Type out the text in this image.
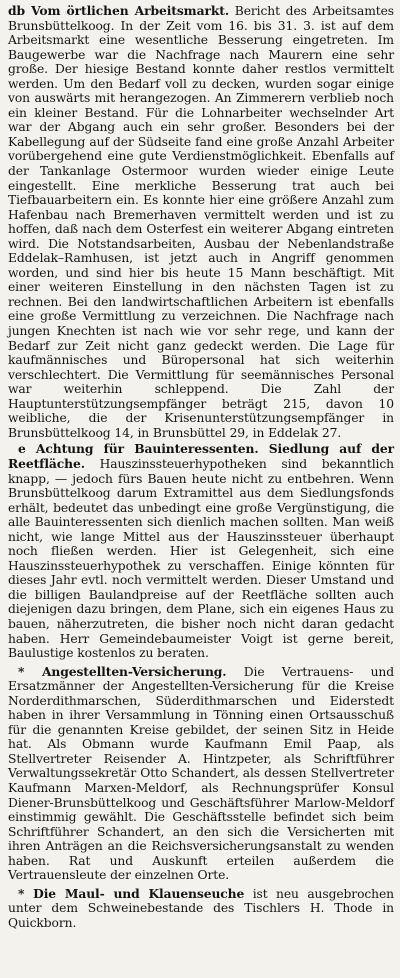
db Vom örtlichen Arbeitsmarkt. Bericht des Arbeitsamtes Brunsbüttelkoog. In der Zeit vom 16. bis 31. 3. ist auf dem Arbeitsmarkt eine wesentliche Besserung eingetreten. Im Baugewerbe war die Nachfrage nach Maurern eine sehr große. Der hiesige Bestand konnte daher restlos vermittelt werden. Um den Bedarf voll zu decken, wurden sogar einige von auswärts mit herangezogen. An Zimmerern verblieb noch ein kleiner Bestand. Für die Lohnarbeiter wechselnder Art war der Abgang auch ein sehr großer. Besonders bei der Kabellegung auf der Südseite fand eine große Anzahl Arbeiter vorübergehend eine gute Verdienstmöglichkeit. Ebenfalls auf der Tankanlage Ostermoor wurden wieder einige Leute eingestellt. Eine merkliche Besserung trat auch bei Tiefbauarbeitern ein. Es konnte hier eine größere Anzahl zum Hafenbau nach Bremerhaven vermittelt werden und ist zu hoffen, daß nach dem Osterfest ein weiterer Abgang eintreten wird. Die Notstandsarbeiten, Ausbau der Nebenlandstraße Eddelak–Ramhusen, ist jetzt auch in Angriff genommen worden, und sind hier bis heute 15 Mann beschäftigt. Mit einer weiteren Einstellung in den nächsten Tagen ist zu rechnen. Bei den landwirtschaftlichen Arbeitern ist ebenfalls eine große Vermittlung zu verzeichnen. Die Nachfrage nach jungen Knechten ist nach wie vor sehr rege, und kann der Bedarf zur Zeit nicht ganz gedeckt werden. Die Lage für kaufmännisches und Büropersonal hat sich weiterhin verschlechtert. Die Vermittlung für seemännisches Personal war weiterhin schleppend. Die Zahl der Hauptunterstützungsempfänger beträgt 215, davon 10 weibliche, die der Krisenunterstützungsempfänger in Brunsbüttelkoog 14, in Brunsbüttel 29, in Eddelak 27.

e Achtung für Bauinteressenten. Siedlung auf der Reetfläche. Hauszinssteuerhypotheken sind bekanntlich knapp, — jedoch fürs Bauen heute nicht zu entbehren. Wenn Brunsbüttelkoog darum Extramittel aus dem Siedlungsfonds erhält, bedeutet das unbedingt eine große Vergünstigung, die alle Bauinteressenten sich dienlich machen sollten. Man weiß nicht, wie lange Mittel aus der Hauszinssteuer überhaupt noch fließen werden. Hier ist Gelegenheit, sich eine Hauszinssteuerhypothek zu verschaffen. Einige könnten für dieses Jahr evtl. noch vermittelt werden. Dieser Umstand und die billigen Baulandpreise auf der Reetfläche sollten auch diejenigen dazu bringen, dem Plane, sich ein eigenes Haus zu bauen, näherzutreten, die bisher noch nicht daran gedacht haben. Herr Gemeindebaumeister Voigt ist gerne bereit, Baulustige kostenlos zu beraten.

* Angestellten-Versicherung. Die Vertrauens- und Ersatzmänner der Angestellten-Versicherung für die Kreise Norderdithmarschen, Süderdithmarschen und Eiderstedt haben in ihrer Versammlung in Tönning einen Ortsausschuß für die genannten Kreise gebildet, der seinen Sitz in Heide hat. Als Obmann wurde Kaufmann Emil Paap, als Stellvertreter Reisender A. Hintzpeter, als Schriftführer Verwaltungssekretär Otto Schandert, als dessen Stellvertreter Kaufmann Marxen-Meldorf, als Rechnungsprüfer Konsul Diener-Brunsbüttelkoog und Geschäftsführer Marlow-Meldorf einstimmig gewählt. Die Geschäftsstelle befindet sich beim Schriftführer Schandert, an den sich die Versicherten mit ihren Anträgen an die Reichsversicherungsanstalt zu wenden haben. Rat und Auskunft erteilen außerdem die Vertrauensleute der einzelnen Orte.

* Die Maul- und Klauenseuche ist neu ausgebrochen unter dem Schweinebestande des Tischlers H. Thode in Quickborn.
